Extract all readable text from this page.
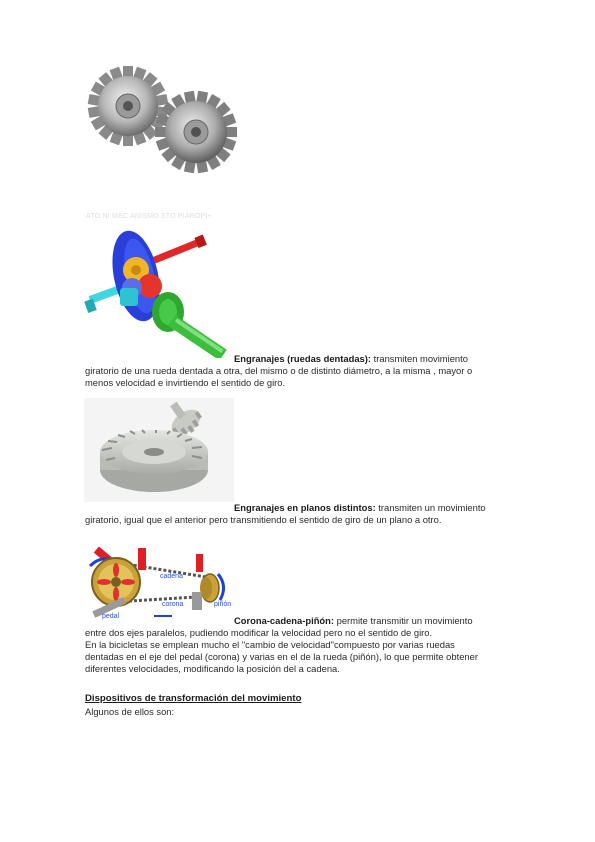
ATO NI MEC ANISMO STO PIAROPI+
Engranajes (ruedas dentadas): transmiten movimiento
giratorio de una rueda dentada a otra, del mismo o de distinto diámetro, a la misma , mayor o
menos velocidad e invirtiendo el sentido de giro.
Engranajes en planos distintos: transmiten un movimiento
giratorio, igual que el anterior pero transmitiendo el sentido de giro de un plano a otro.
cadena
pedal
corona	piñón
Corona-cadena-piñón: permite transmitir un movimiento
entre dos ejes paralelos, pudiendo modificar la velocidad pero no el sentido de giro.
En la bicicletas se emplean mucho el "cambio de velocidad"compuesto por varias ruedas
dentadas en el eje del pedal (corona) y varias en el de la rueda (piñón), lo que permite obtener
diferentes velocidades, modificando la posición del a cadena.
Dispositivos de transformación del movimiento
Algunos de ellos son:
